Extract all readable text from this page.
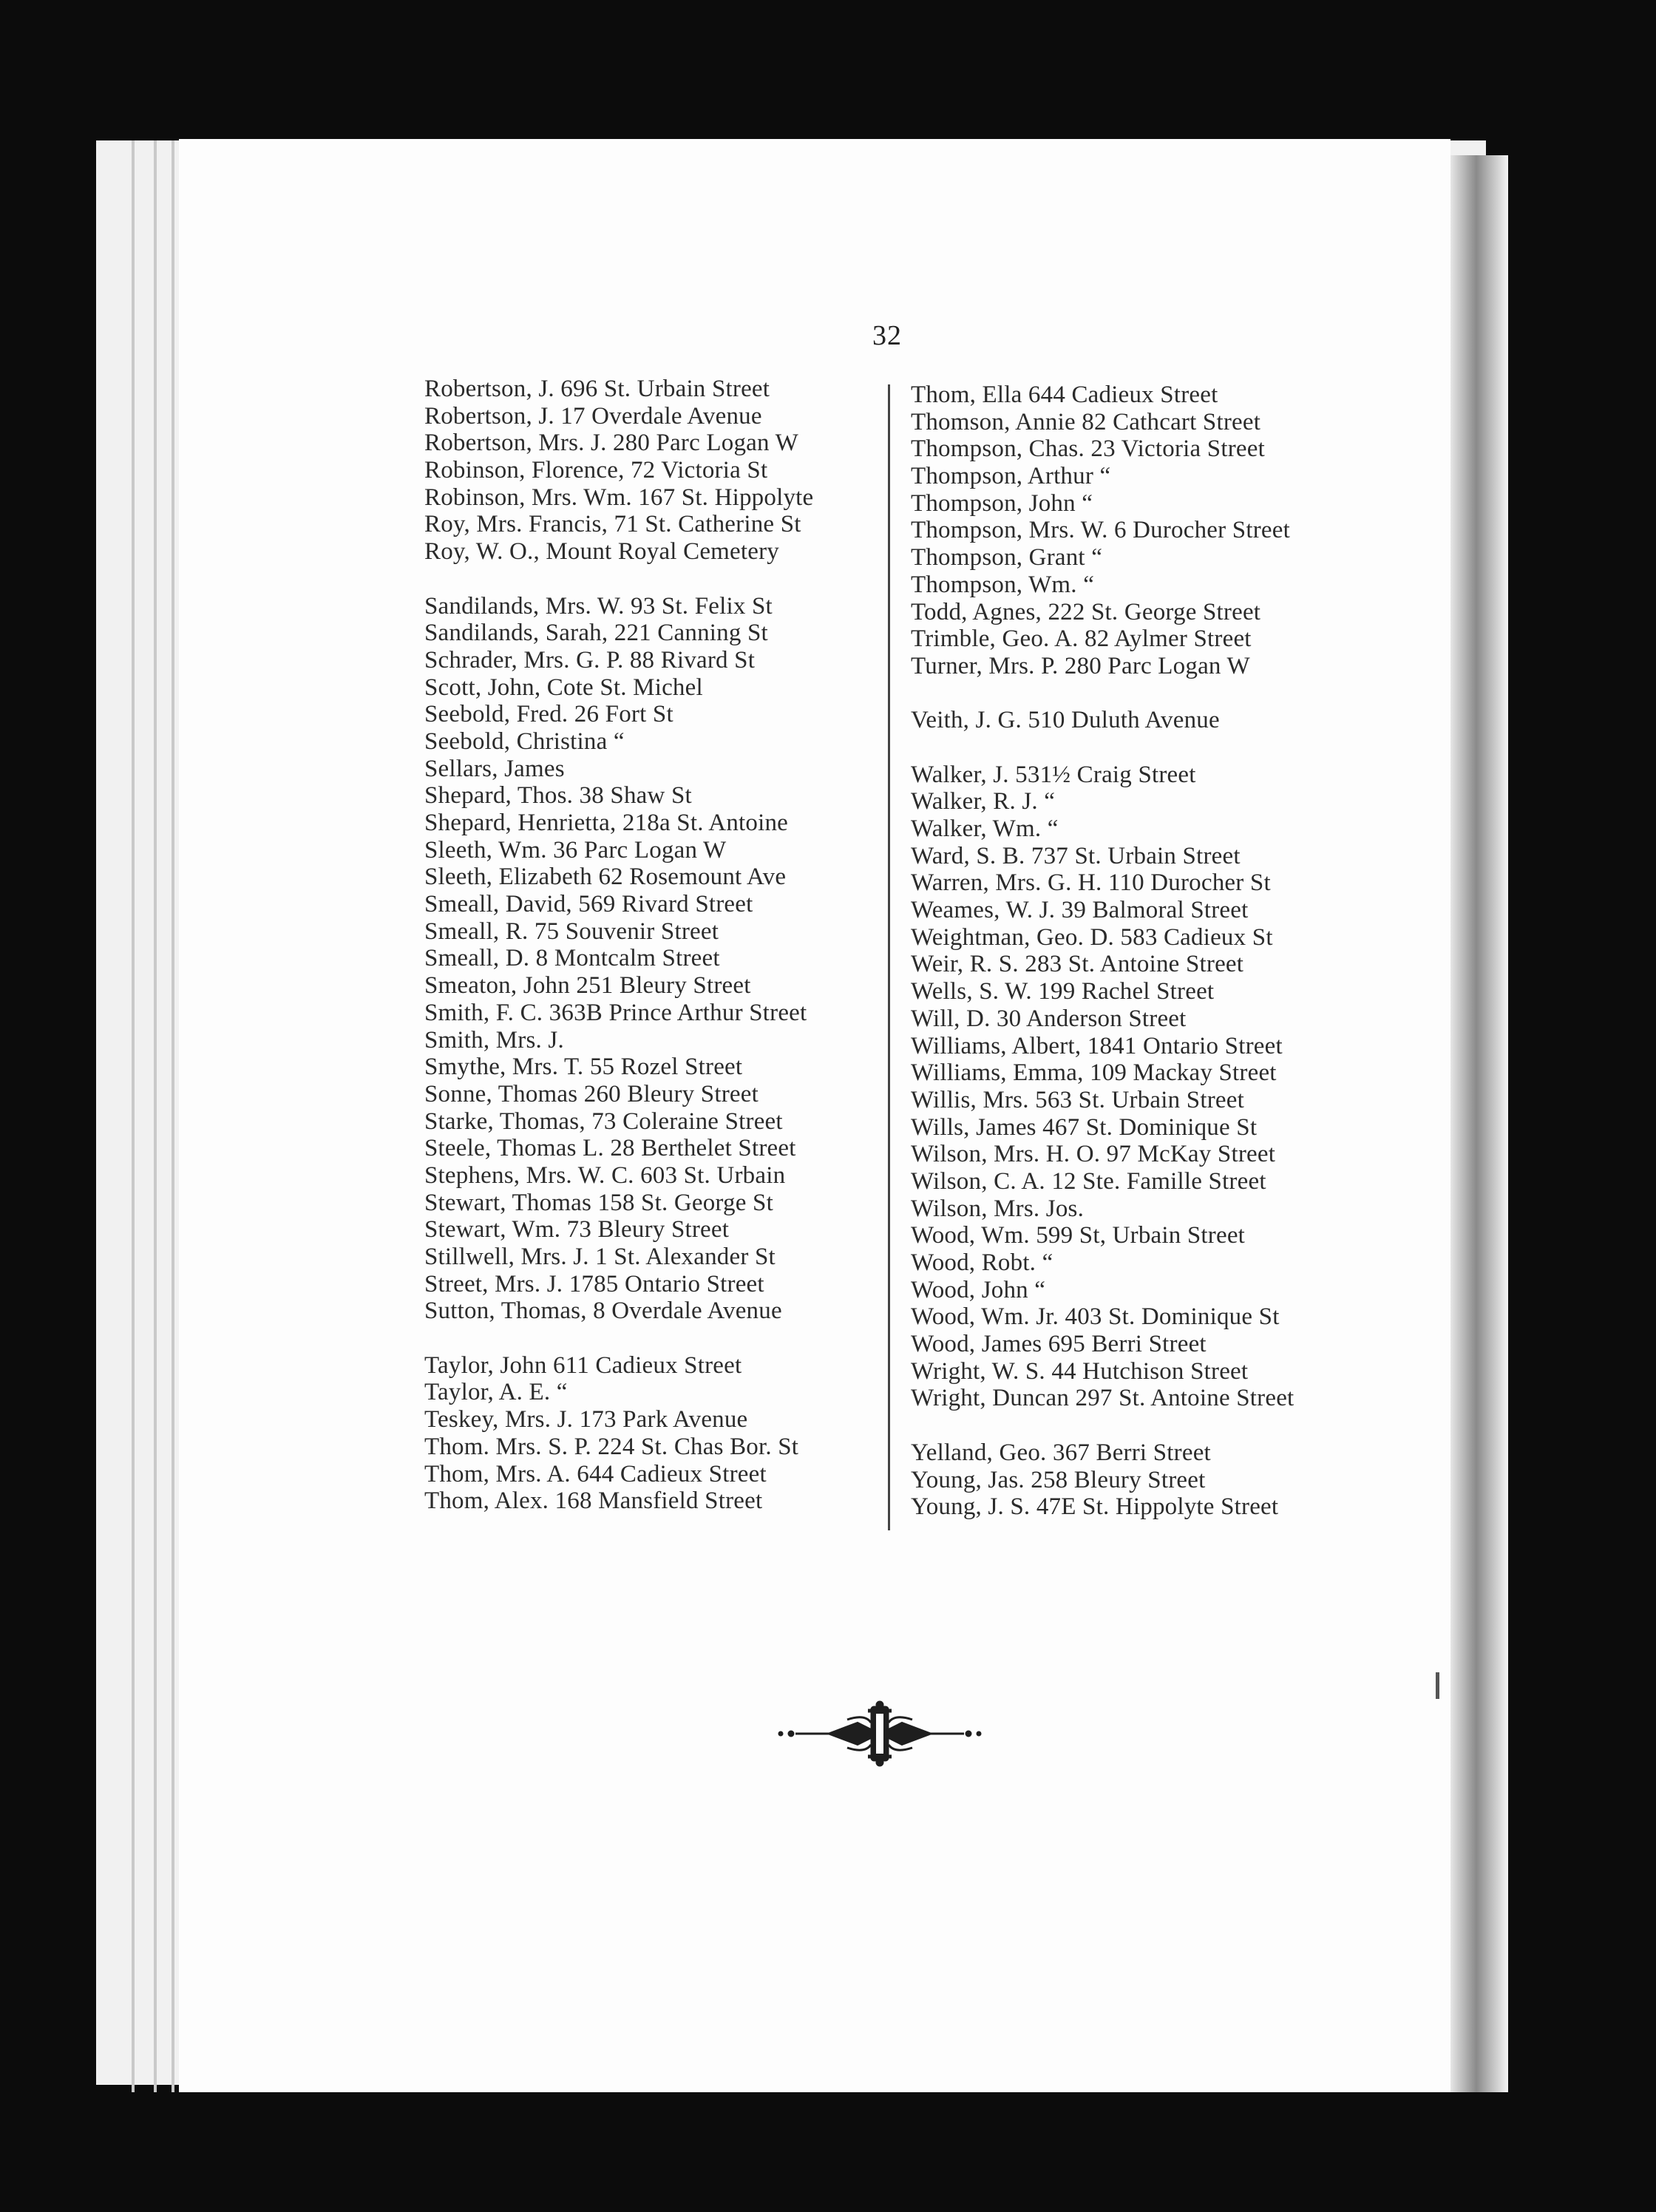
32
Robertson, J. 696 St. Urbain Street
Robertson, J. 17 Overdale Avenue
Robertson, Mrs. J. 280 Parc Logan W
Robinson, Florence, 72 Victoria St
Robinson, Mrs. Wm. 167 St. Hippolyte
Roy, Mrs. Francis, 71 St. Catherine St
Roy, W. O., Mount Royal Cemetery
Sandilands, Mrs. W. 93 St. Felix St
Sandilands, Sarah, 221 Canning St
Schrader, Mrs. G. P. 88 Rivard St
Scott, John, Cote St. Michel
Seebold, Fred. 26 Fort St
Seebold, Christina “
Sellars, James
Shepard, Thos. 38 Shaw St
Shepard, Henrietta, 218a St. Antoine
Sleeth, Wm. 36 Parc Logan W
Sleeth, Elizabeth 62 Rosemount Ave
Smeall, David, 569 Rivard Street
Smeall, R. 75 Souvenir Street
Smeall, D. 8 Montcalm Street
Smeaton, John 251 Bleury Street
Smith, F. C. 363B Prince Arthur Street
Smith, Mrs. J.
Smythe, Mrs. T. 55 Rozel Street
Sonne, Thomas 260 Bleury Street
Starke, Thomas, 73 Coleraine Street
Steele, Thomas L. 28 Berthelet Street
Stephens, Mrs. W. C. 603 St. Urbain
Stewart, Thomas 158 St. George St
Stewart, Wm. 73 Bleury Street
Stillwell, Mrs. J. 1 St. Alexander St
Street, Mrs. J. 1785 Ontario Street
Sutton, Thomas, 8 Overdale Avenue
Taylor, John 611 Cadieux Street
Taylor, A. E. “
Teskey, Mrs. J. 173 Park Avenue
Thom. Mrs. S. P. 224 St. Chas Bor. St
Thom, Mrs. A. 644 Cadieux Street
Thom, Alex. 168 Mansfield Street
Thom, Ella 644 Cadieux Street
Thomson, Annie 82 Cathcart Street
Thompson, Chas. 23 Victoria Street
Thompson, Arthur “
Thompson, John “
Thompson, Mrs. W. 6 Durocher Street
Thompson, Grant “
Thompson, Wm. “
Todd, Agnes, 222 St. George Street
Trimble, Geo. A. 82 Aylmer Street
Turner, Mrs. P. 280 Parc Logan W
Veith, J. G. 510 Duluth Avenue
Walker, J. 531½ Craig Street
Walker, R. J. “
Walker, Wm. “
Ward, S. B. 737 St. Urbain Street
Warren, Mrs. G. H. 110 Durocher St
Weames, W. J. 39 Balmoral Street
Weightman, Geo. D. 583 Cadieux St
Weir, R. S. 283 St. Antoine Street
Wells, S. W. 199 Rachel Street
Will, D. 30 Anderson Street
Williams, Albert, 1841 Ontario Street
Williams, Emma, 109 Mackay Street
Willis, Mrs. 563 St. Urbain Street
Wills, James 467 St. Dominique St
Wilson, Mrs. H. O. 97 McKay Street
Wilson, C. A. 12 Ste. Famille Street
Wilson, Mrs. Jos.
Wood, Wm. 599 St, Urbain Street
Wood, Robt. “
Wood, John “
Wood, Wm. Jr. 403 St. Dominique St
Wood, James 695 Berri Street
Wright, W. S. 44 Hutchison Street
Wright, Duncan 297 St. Antoine Street
Yelland, Geo. 367 Berri Street
Young, Jas. 258 Bleury Street
Young, J. S. 47E St. Hippolyte Street
